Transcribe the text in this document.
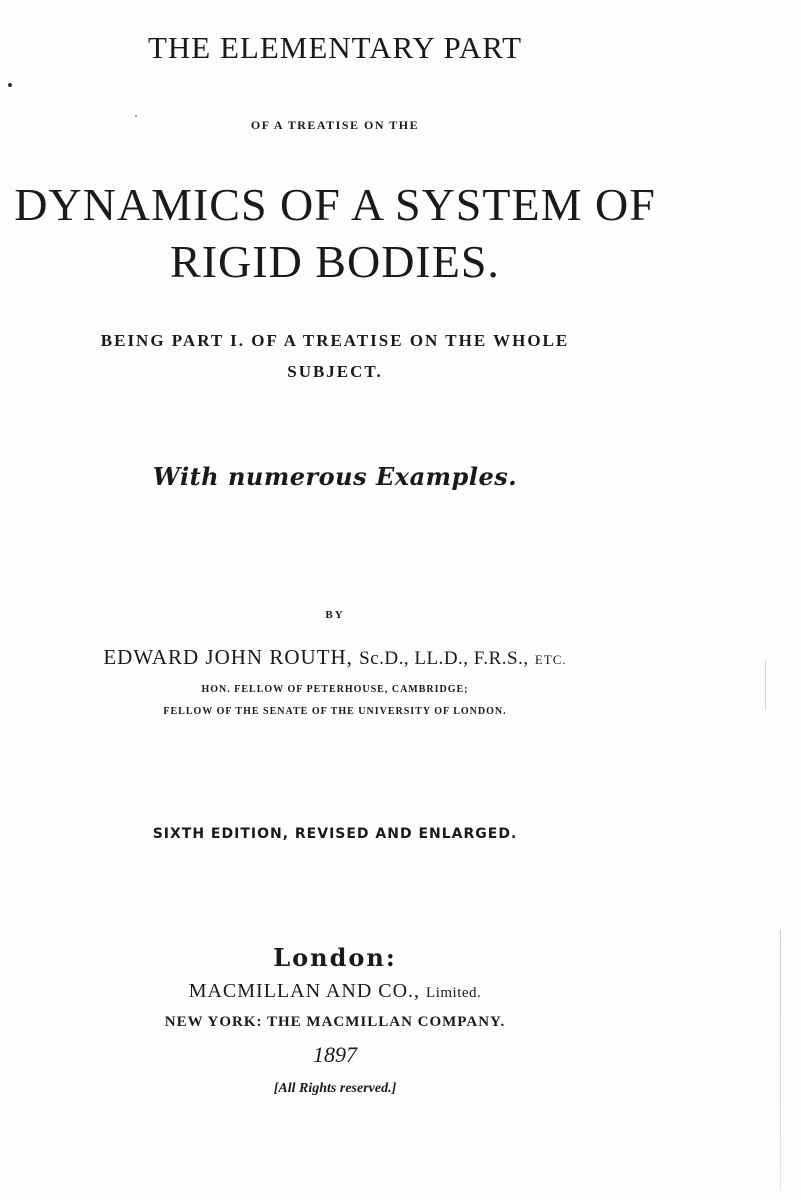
THE ELEMENTARY PART
OF A TREATISE ON THE
DYNAMICS OF A SYSTEM OF
RIGID BODIES.
BEING PART I. OF A TREATISE ON THE WHOLE
SUBJECT.
With numerous Examples.
BY
EDWARD JOHN ROUTH, Sc.D., LL.D., F.R.S., ETC.
HON. FELLOW OF PETERHOUSE, CAMBRIDGE;
FELLOW OF THE SENATE OF THE UNIVERSITY OF LONDON.
SIXTH EDITION, REVISED AND ENLARGED.
London:
MACMILLAN AND CO., Limited.
NEW YORK: THE MACMILLAN COMPANY.
1897
[All Rights reserved.]
